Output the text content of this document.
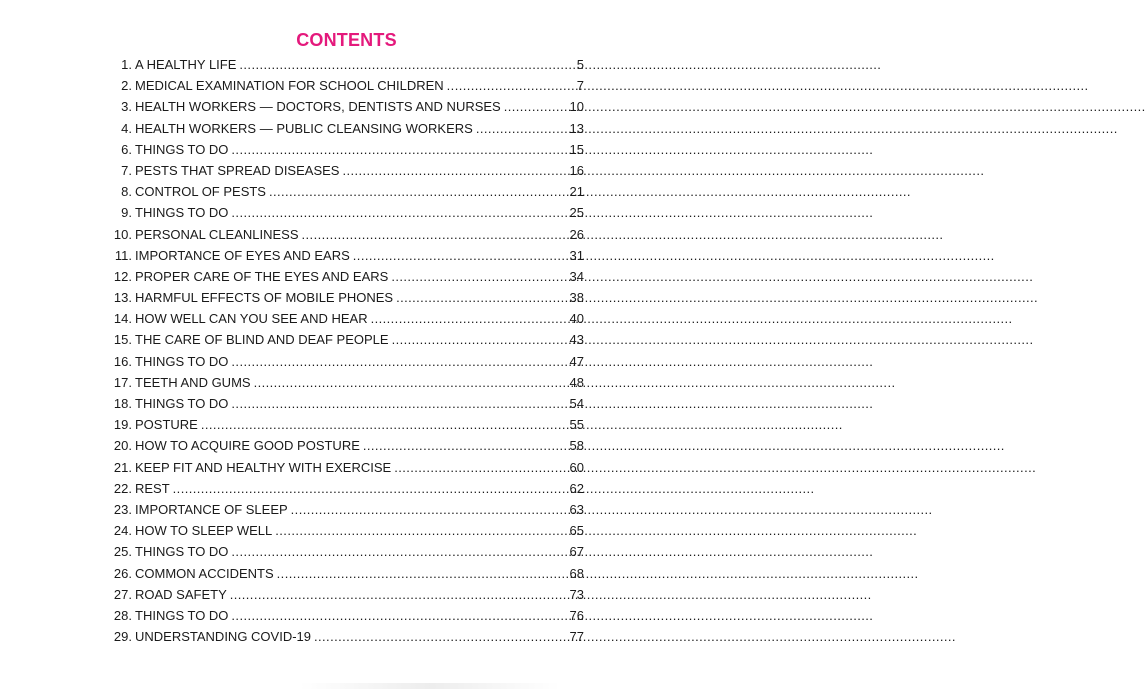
CONTENTS
1. A HEALTHY LIFE .....	5
2. MEDICAL EXAMINATION FOR SCHOOL CHILDREN .....	7
3. HEALTH WORKERS — DOCTORS, DENTISTS AND NURSES .....	10
4. HEALTH WORKERS — PUBLIC CLEANSING WORKERS .....	13
6. THINGS TO DO .....	15
7. PESTS THAT SPREAD DISEASES .....	16
8. CONTROL OF PESTS .....	21
9. THINGS TO DO .....	25
10. PERSONAL CLEANLINESS .....	26
11. IMPORTANCE OF EYES AND EARS .....	31
12. PROPER CARE OF THE EYES AND EARS .....	34
13. HARMFUL EFFECTS OF MOBILE PHONES .....	38
14. HOW WELL CAN YOU SEE AND HEAR .....	40
15. THE CARE OF BLIND AND DEAF PEOPLE .....	43
16. THINGS TO DO .....	47
17. TEETH AND GUMS .....	48
18. THINGS TO DO .....	54
19. POSTURE .....	55
20. HOW TO ACQUIRE GOOD POSTURE .....	58
21. KEEP FIT AND HEALTHY WITH EXERCISE .....	60
22. REST .....	62
23. IMPORTANCE OF SLEEP .....	63
24. HOW TO SLEEP WELL .....	65
25. THINGS TO DO .....	67
26. COMMON ACCIDENTS .....	68
27. ROAD SAFETY .....	73
28. THINGS TO DO .....	76
29. UNDERSTANDING COVID-19 .....	77
